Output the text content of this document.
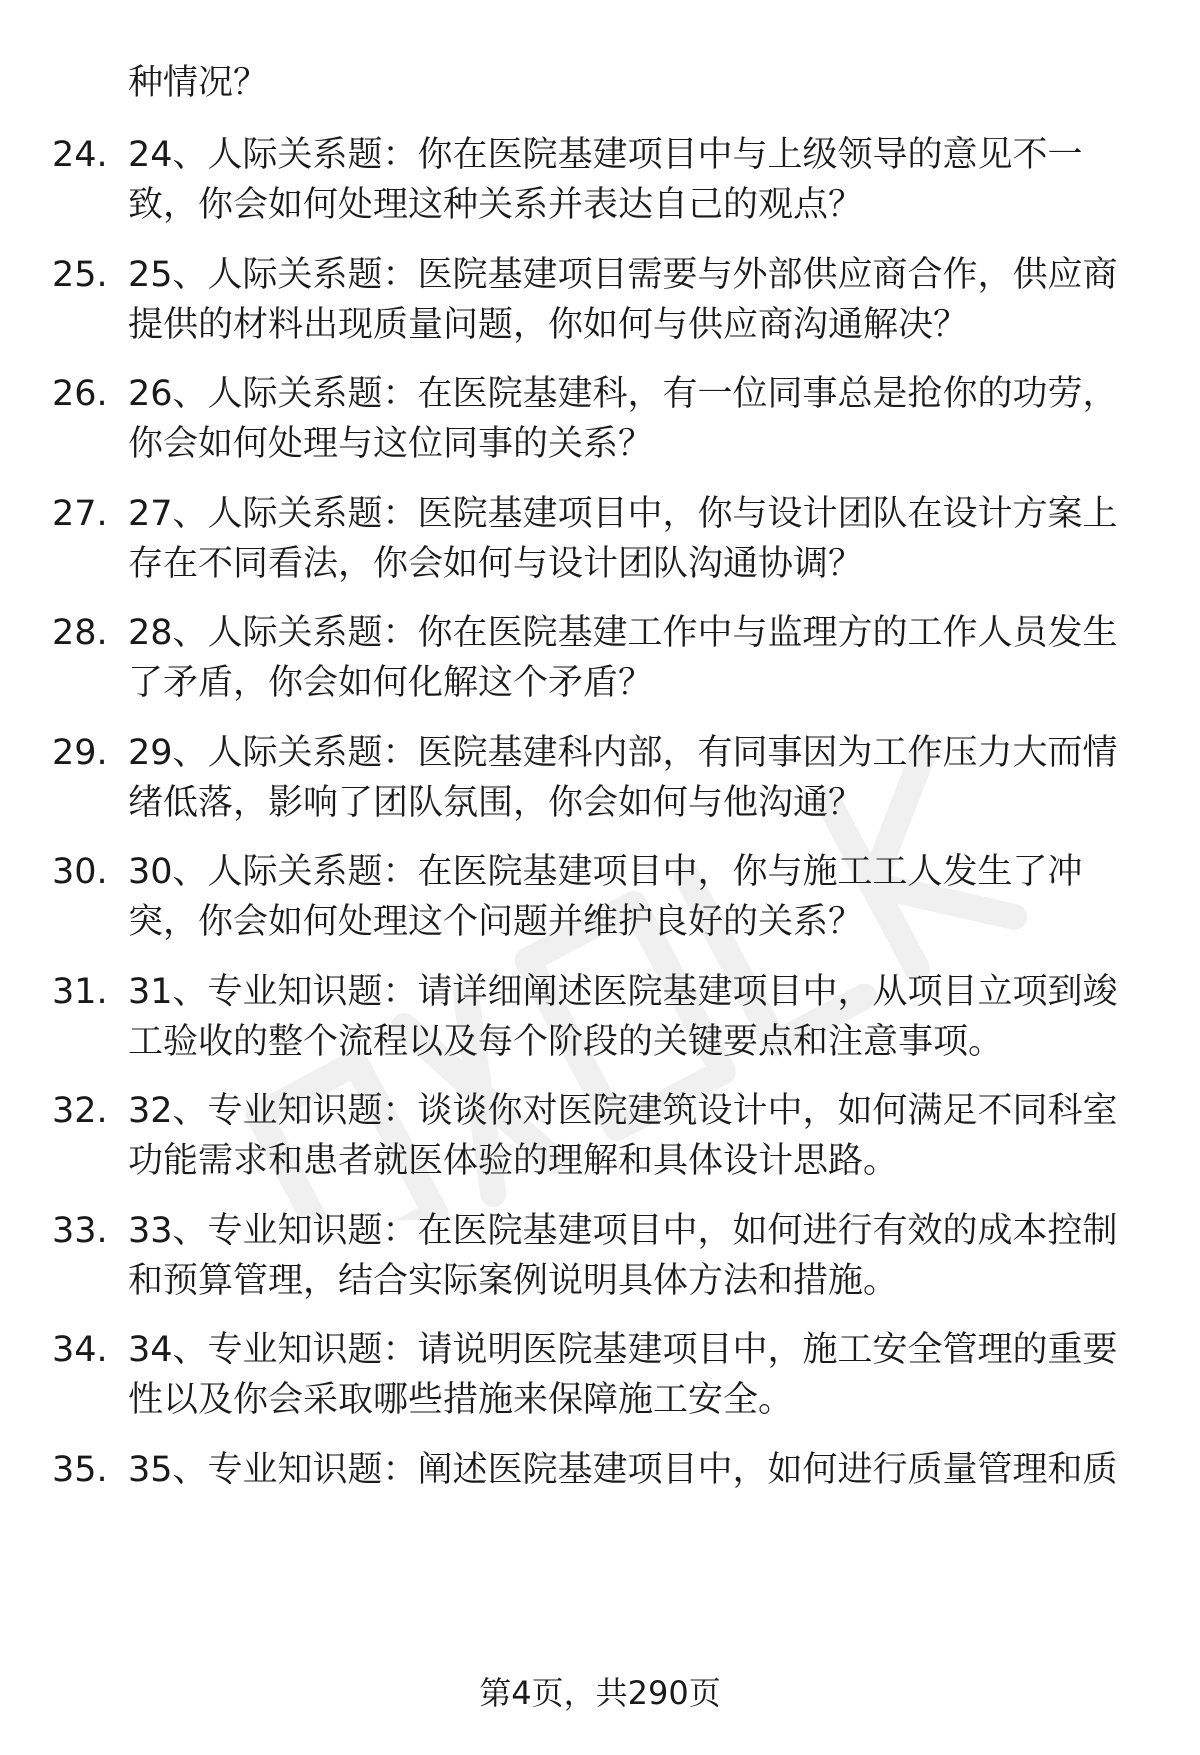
种情况？
24. 24、人际关系题：你在医院基建项目中与上级领导的意见不一
致，你会如何处理这种关系并表达自己的观点？
25. 25、人际关系题：医院基建项目需要与外部供应商合作，供应商
提供的材料出现质量问题，你如何与供应商沟通解决？
26. 26、人际关系题：在医院基建科，有一位同事总是抢你的功劳，
你会如何处理与这位同事的关系？
27. 27、人际关系题：医院基建项目中，你与设计团队在设计方案上
存在不同看法，你会如何与设计团队沟通协调？
28. 28、人际关系题：你在医院基建工作中与监理方的工作人员发生
了矛盾，你会如何化解这个矛盾？
29. 29、人际关系题：医院基建科内部，有同事因为工作压力大而情
绪低落，影响了团队氛围，你会如何与他沟通？
30. 30、人际关系题：在医院基建项目中，你与施工工人发生了冲
突，你会如何处理这个问题并维护良好的关系？
31. 31、专业知识题：请详细阐述医院基建项目中，从项目立项到竣
工验收的整个流程以及每个阶段的关键要点和注意事项。
32. 32、专业知识题：谈谈你对医院建筑设计中，如何满足不同科室
功能需求和患者就医体验的理解和具体设计思路。
33. 33、专业知识题：在医院基建项目中，如何进行有效的成本控制
和预算管理，结合实际案例说明具体方法和措施。
34. 34、专业知识题：请说明医院基建项目中，施工安全管理的重要
性以及你会采取哪些措施来保障施工安全。
35. 35、专业知识题：阐述医院基建项目中，如何进行质量管理和质
第4页，共290页
